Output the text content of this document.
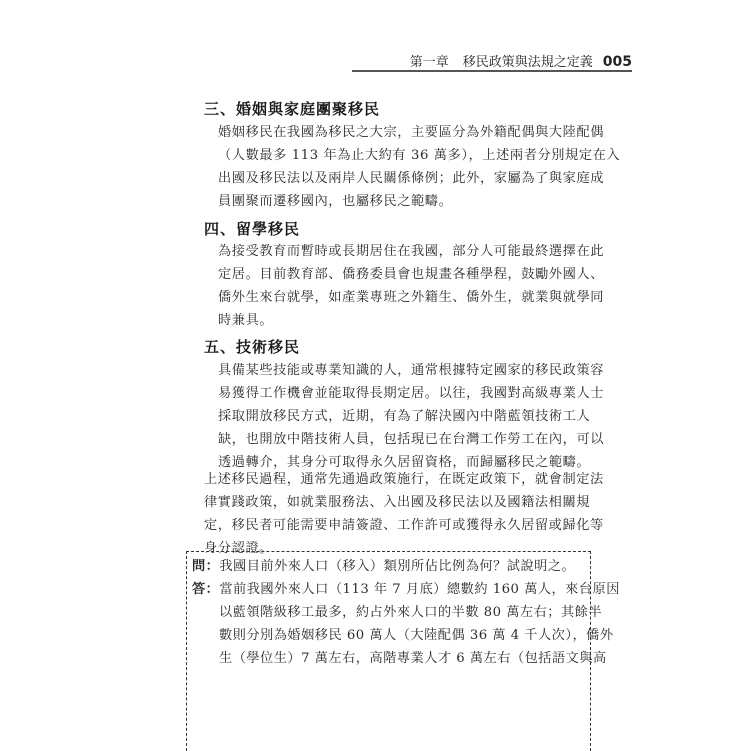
第一章 移民政策與法規之定義 005
三、婚姻與家庭團聚移民
婚姻移民在我國為移民之大宗，主要區分為外籍配偶與大陸配偶
（人數最多 113 年為止大約有 36 萬多），上述兩者分別規定在入
出國及移民法以及兩岸人民關係條例；此外，家屬為了與家庭成
員團聚而遷移國內，也屬移民之範疇。
四、留學移民
為接受教育而暫時或長期居住在我國，部分人可能最終選擇在此
定居。目前教育部、僑務委員會也規畫各種學程，鼓勵外國人、
僑外生來台就學，如產業專班之外籍生、僑外生，就業與就學同
時兼具。
五、技術移民
具備某些技能或專業知識的人，通常根據特定國家的移民政策容
易獲得工作機會並能取得長期定居。以往，我國對高級專業人士
採取開放移民方式，近期，有為了解決國內中階藍領技術工人
缺，也開放中階技術人員，包括現已在台灣工作勞工在內，可以
透過轉介，其身分可取得永久居留資格，而歸屬移民之範疇。
上述移民過程，通常先通過政策施行，在既定政策下，就會制定法
律實踐政策，如就業服務法、入出國及移民法以及國籍法相關規
定，移民者可能需要申請簽證、工作許可或獲得永久居留或歸化等
身分認證。
問：我國目前外來人口（移入）類別所佔比例為何？試說明之。
答：當前我國外來人口（113 年 7 月底）總數約 160 萬人，來台原因
以藍領階級移工最多，約占外來人口的半數 80 萬左右；其餘半
數則分別為婚姻移民 60 萬人（大陸配偶 36 萬 4 千人次），僑外
生（學位生）7 萬左右，高階專業人才 6 萬左右（包括語文與高
